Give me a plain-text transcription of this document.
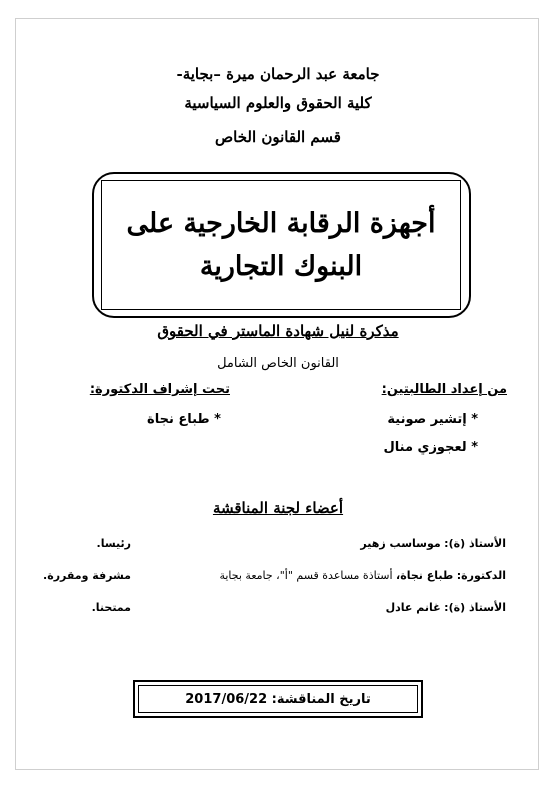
جامعة عبد الرحمان ميرة –بجاية-
كلية الحقوق والعلوم السياسية
قسم القانون الخاص
أجهزة الرقابة الخارجية على
البنوك التجارية
مذكرة لنيل شهادة الماستر في الحقوق
القانون الخاص الشامل
من إعداد الطالبتين:
تحت إشراف الدكتورة:
* إتشير صونية
* لعجوزي منال
* طباع نجاة
أعضاء لجنة المناقشة
الأستاذ (ة): موساسب زهير
رئيسا.
الدكتورة: طباع نجاة، أستاذة مساعدة قسم "أ"، جامعة بجاية
مشرفة ومقررة.
الأستاذ (ة): غانم عادل
ممتحنا.
تاريخ المناقشة:

2017/06/22
